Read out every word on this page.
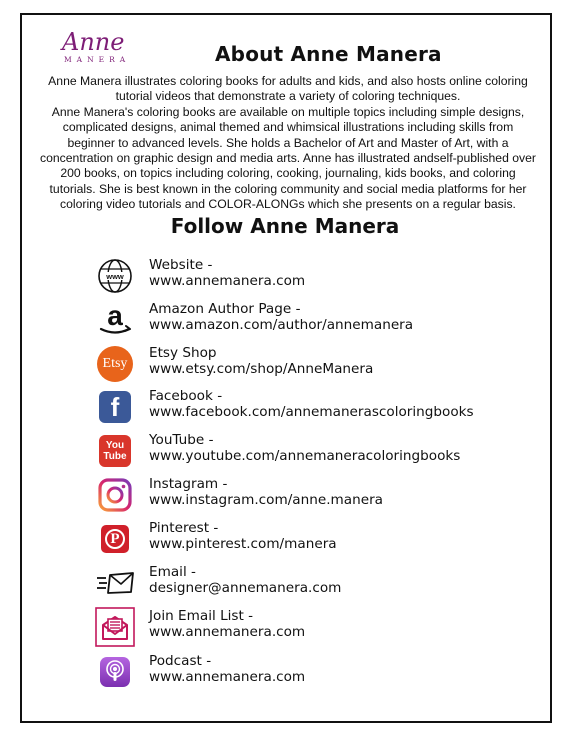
Anne
MANERA	About Anne Manera
Anne Manera illustrates coloring books for adults and kids, and also hosts online coloring
tutorial videos that demonstrate a variety of coloring techniques.
Anne Manera's coloring books are available on multiple topics including simple designs,
complicated designs, animal themed and whimsical illustrations including skills from
beginner to advanced levels. She holds a Bachelor of Art and Master of Art, with a
concentration on graphic design and media arts. Anne has illustrated andself-published over
200 books, on topics including coloring, cooking, journaling, kids books, and coloring
tutorials. She is best known in the coloring community and social media platforms for her
coloring video tutorials and COLOR-ALONGs which she presents on a regular basis.
Follow Anne Manera
www
Website -
www.annemanera.com
a Amazon Author Page -
www.amazon.com/author/annemanera
Etsy
Etsy Shop
www.etsy.com/shop/AnneManera
f	Facebook -
www.facebook.com/annemanerascoloringbooks
You
Tube
YouTube -
www.youtube.com/annemaneracoloringbooks
Instagram -
www.instagram.com/anne.manera
P
Pinterest -
www.pinterest.com/manera
Email -
designer@annemanera.com
Join Email List -
www.annemanera.com
Podcast -
www.annemanera.com
